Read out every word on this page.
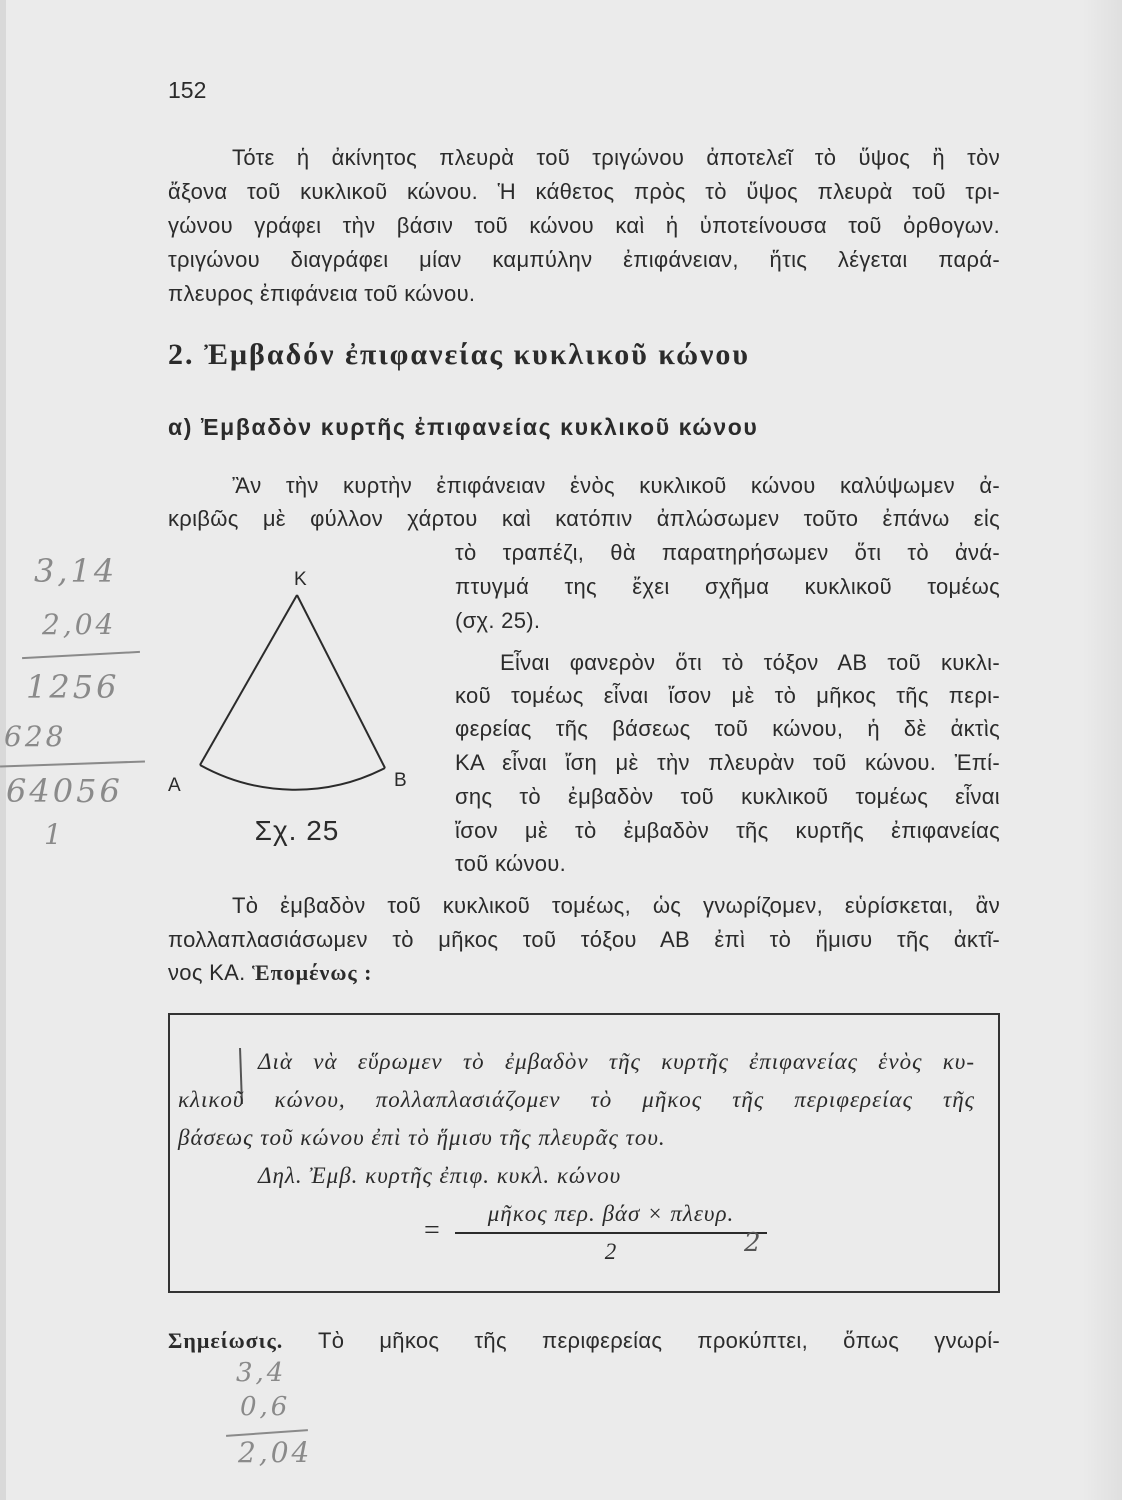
152
Τότε ἡ ἀκίνητος πλευρὰ τοῦ τριγώνου ἀποτελεῖ τὸ ὕψος ἢ τὸν
ἄξονα τοῦ κυκλικοῦ κώνου. Ἡ κάθετος πρὸς τὸ ὕψος πλευρὰ τοῦ τρι-
γώνου γράφει τὴν βάσιν τοῦ κώνου καὶ ἡ ὑποτείνουσα τοῦ ὀρθογων.
τριγώνου διαγράφει μίαν καμπύλην ἐπιφάνειαν, ἥτις λέγεται παρά-
πλευρος ἐπιφάνεια τοῦ κώνου.
2. Ἐμβαδόν ἐπιφανείας κυκλικοῦ κώνου
α) Ἐμβαδὸν κυρτῆς ἐπιφανείας κυκλικοῦ κώνου
Ἂν τὴν κυρτὴν ἐπιφάνειαν ἑνὸς κυκλικοῦ κώνου καλύψωμεν ἀ-
κριβῶς μὲ φύλλον χάρτου καὶ κατόπιν ἀπλώσωμεν τοῦτο ἐπάνω εἰς
τὸ τραπέζι, θὰ παρατηρήσωμεν ὅτι τὸ ἀνά-
πτυγμά της ἔχει σχῆμα κυκλικοῦ τομέως
(σχ. 25).
Εἶναι φανερὸν ὅτι τὸ τόξον ΑΒ τοῦ κυκλι-
κοῦ τομέως εἶναι ἴσον μὲ τὸ μῆκος τῆς περι-
φερείας τῆς βάσεως τοῦ κώνου, ἡ δὲ ἀκτὶς
ΚΑ εἶναι ἴση μὲ τὴν πλευρὰν τοῦ κώνου. Ἐπί-
σης τὸ ἐμβαδὸν τοῦ κυκλικοῦ τομέως εἶναι
ἴσον μὲ τὸ ἐμβαδὸν τῆς κυρτῆς ἐπιφανείας
τοῦ κώνου.
Κ
Α	Β
Σχ. 25
Τὸ ἐμβαδὸν τοῦ κυκλικοῦ τομέως, ὡς γνωρίζομεν, εὑρίσκεται, ἂν
πολλαπλασιάσωμεν τὸ μῆκος τοῦ τόξου ΑΒ ἐπὶ τὸ ἥμισυ τῆς ἀκτῖ-
νος ΚΑ. Ἑπομένως :
Διὰ νὰ εὕρωμεν τὸ ἐμβαδὸν τῆς κυρτῆς ἐπιφανείας ἑνὸς κυ-
κλικοῦ κώνου, πολλαπλασιάζομεν τὸ μῆκος τῆς περιφερείας τῆς
βάσεως τοῦ κώνου ἐπὶ τὸ ἥμισυ τῆς πλευρᾶς του.
Δηλ. Ἐμβ. κυρτῆς ἐπιφ. κυκλ. κώνου
=
μῆκος περ. βάσ × πλευρ.
2
Σημείωσις. Τὸ μῆκος τῆς περιφερείας προκύπτει, ὅπως γνωρί-
3,14
2,04
1256
628
64056
1
3,4
0,6
2,04
2
